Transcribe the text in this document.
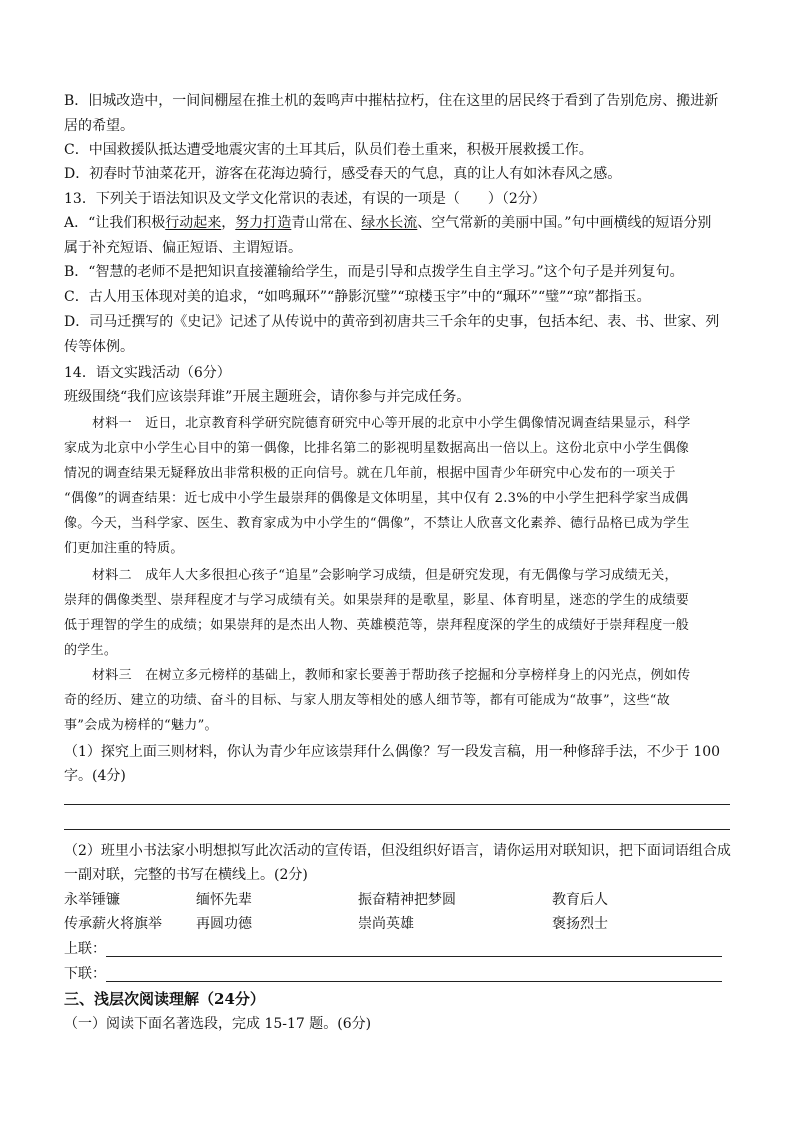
B．旧城改造中，一间间棚屋在推土机的轰鸣声中摧枯拉朽，住在这里的居民终于看到了告别危房、搬进新
居的希望。
C．中国救援队抵达遭受地震灾害的土耳其后，队员们卷土重来，积极开展救援工作。
D．初春时节油菜花开，游客在花海边骑行，感受春天的气息，真的让人有如沐春风之感。
13．下列关于语法知识及文学文化常识的表述，有误的一项是（　　）（2分）
A．“让我们积极行动起来，努力打造青山常在、绿水长流、空气常新的美丽中国。”句中画横线的短语分别
属于补充短语、偏正短语、主谓短语。
B．“智慧的老师不是把知识直接灌输给学生，而是引导和点拨学生自主学习。”这个句子是并列复句。
C．古人用玉体现对美的追求，“如鸣珮环”“静影沉璧”“琼楼玉宇”中的“珮环”“璧”“琼”都指玉。
D．司马迁撰写的《史记》记述了从传说中的黄帝到初唐共三千余年的史事，包括本纪、表、书、世家、列
传等体例。
14．语文实践活动（6分）
班级围绕“我们应该崇拜谁”开展主题班会，请你参与并完成任务。
材料一　近日，北京教育科学研究院德育研究中心等开展的北京中小学生偶像情况调查结果显示，科学
家成为北京中小学生心目中的第一偶像，比排名第二的影视明星数据高出一倍以上。这份北京中小学生偶像
情况的调查结果无疑释放出非常积极的正向信号。就在几年前，根据中国青少年研究中心发布的一项关于
“偶像”的调查结果：近七成中小学生最崇拜的偶像是文体明星，其中仅有 2.3%的中小学生把科学家当成偶
像。今天，当科学家、医生、教育家成为中小学生的“偶像”，不禁让人欣喜文化素养、德行品格已成为学生
们更加注重的特质。
材料二　成年人大多很担心孩子“追星”会影响学习成绩，但是研究发现，有无偶像与学习成绩无关，
崇拜的偶像类型、崇拜程度才与学习成绩有关。如果崇拜的是歌星，影星、体育明星，迷恋的学生的成绩要
低于理智的学生的成绩；如果崇拜的是杰出人物、英雄模范等，崇拜程度深的学生的成绩好于崇拜程度一般
的学生。
材料三　在树立多元榜样的基础上，教师和家长要善于帮助孩子挖掘和分享榜样身上的闪光点，例如传
奇的经历、建立的功绩、奋斗的目标、与家人朋友等相处的感人细节等，都有可能成为“故事”，这些“故
事”会成为榜样的“魅力”。
（1）探究上面三则材料，你认为青少年应该崇拜什么偶像？写一段发言稿，用一种修辞手法，不少于 100
字。(4分)
（2）班里小书法家小明想拟写此次活动的宣传语，但没组织好语言，请你运用对联知识，把下面词语组合成
一副对联，完整的书写在横线上。(2分)
永举锤镰	缅怀先辈	振奋精神把梦圆	教育后人
传承薪火将旗举 再圆功德	崇尚英雄	褒扬烈士
上联：
下联：
三、浅层次阅读理解（24分）
（一）阅读下面名著选段，完成 15-17 题。(6分)
